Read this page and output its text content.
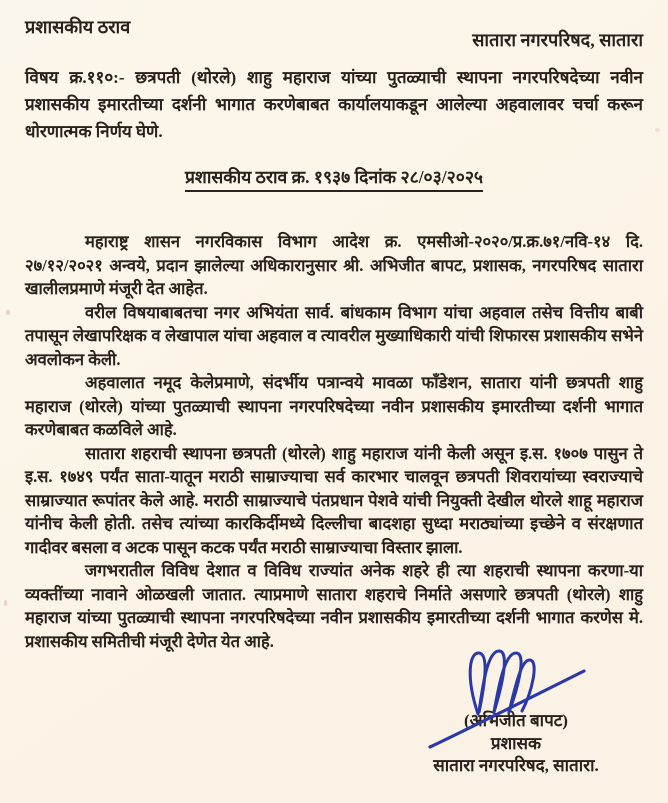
प्रशासकीय ठराव
सातारा नगरपरिषद, सातारा

विषय क्र.११०:- छत्रपती (थोरले) शाहु महाराज यांच्या पुतळ्याची स्थापना नगरपरिषदेच्या नवीन प्रशासकीय इमारतीच्या दर्शनी भागात करणेबाबत कार्यालयाकडून आलेल्या अहवालावर चर्चा करून धोरणात्मक निर्णय घेणे.

प्रशासकीय ठराव क्र. १९३७ दिनांक २८/०३/२०२५

महाराष्ट्र शासन नगरविकास विभाग आदेश क्र. एमसीओ-२०२०/प्र.क्र.७१/नवि-१४ दि. २७/१२/२०२१ अन्वये, प्रदान झालेल्या अधिकारानुसार श्री. अभिजीत बापट, प्रशासक, नगरपरिषद सातारा खालीलप्रमाणे मंजूरी देत आहेत.

वरील विषयाबाबतचा नगर अभियंता सार्व. बांधकाम विभाग यांचा अहवाल तसेच वित्तीय बाबी तपासून लेखापरिक्षक व लेखापाल यांचा अहवाल व त्यावरील मुख्याधिकारी यांची शिफारस प्रशासकीय सभेने अवलोकन केली.

अहवालात नमूद केलेप्रमाणे, संदर्भीय पत्रान्वये मावळा फाँडेशन, सातारा यांनी छत्रपती शाहु महाराज (थोरले) यांच्या पुतळ्याची स्थापना नगरपरिषदेच्या नवीन प्रशासकीय इमारतीच्या दर्शनी भागात करणेबाबत कळविले आहे.

सातारा शहराची स्थापना छत्रपती (थोरले) शाहु महाराज यांनी केली असून इ.स. १७०७ पासुन ते इ.स. १७४९ पर्यंत साता-यातून मराठी साम्राज्याचा सर्व कारभार चालवून छत्रपती शिवरायांच्या स्वराज्याचे साम्राज्यात रूपांतर केले आहे. मराठी साम्राज्याचे पंतप्रधान पेशवे यांची नियुक्ती देखील थोरले शाहू महाराज यांनीच केली होती. तसेच त्यांच्या कारकिर्दीमध्ये दिल्लीचा बादशहा सुध्दा मराठ्यांच्या इच्छेने व संरक्षणात गादीवर बसला व अटक पासून कटक पर्यंत मराठी साम्राज्याचा विस्तार झाला.

जगभरातील विविध देशात व विविध राज्यांत अनेक शहरे ही त्या शहराची स्थापना करणा-या व्यक्तींच्या नावाने ओळखली जातात. त्याप्रमाणे सातारा शहराचे निर्माते असणारे छत्रपती (थोरले) शाहु महाराज यांच्या पुतळ्याची स्थापना नगरपरिषदेच्या नवीन प्रशासकीय इमारतीच्या दर्शनी भागात करणेस मे. प्रशासकीय समितीची मंजूरी देणेत येत आहे.

(अभिजीत बापट)
प्रशासक
सातारा नगरपरिषद, सातारा.
